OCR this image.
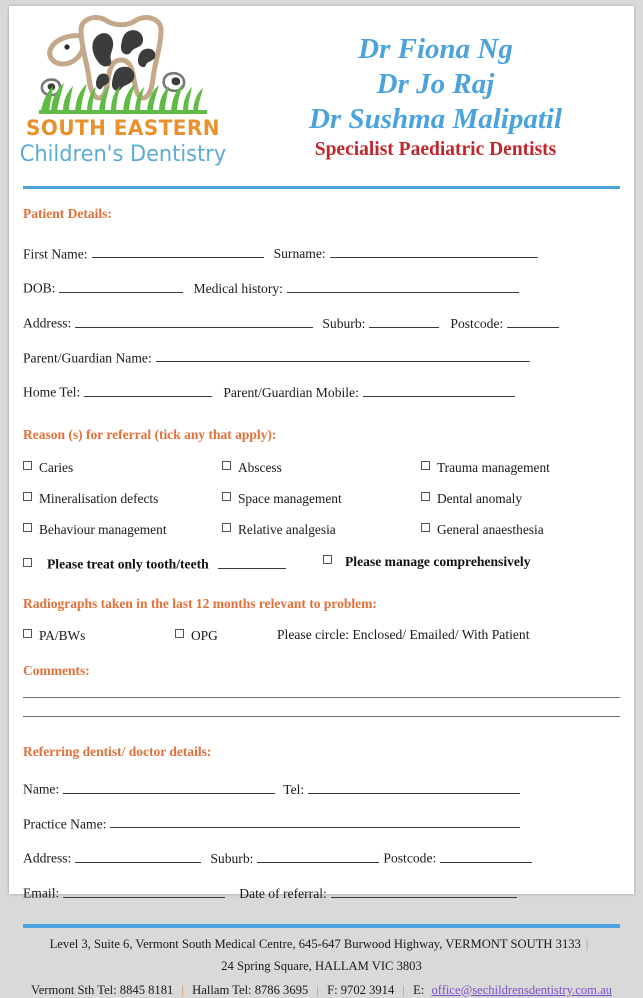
SOUTH EASTERN
Children's Dentistry
Dr Fiona Ng
Dr Jo Raj
Dr Sushma Malipatil
Specialist Paediatric Dentists
Patient Details:
First Name:	Surname:
DOB:	Medical history:
Address:	Suburb:	Postcode:
Parent/Guardian Name:
Home Tel:	Parent/Guardian Mobile:
Reason (s) for referral (tick any that apply):
Caries	Abscess	Trauma management
Mineralisation defects	Space management	Dental anomaly
Behaviour management	Relative analgesia	General anaesthesia
Please treat only tooth/teeth	Please manage comprehensively
Radiographs taken in the last 12 months relevant to problem:
PA/BWs	OPG	Please circle: Enclosed/ Emailed/ With Patient
Comments:
Referring dentist/ doctor details:
Name:	Tel:
Practice Name:
Address:	Suburb:	Postcode:
Email:	Date of referral:
Level 3, Suite 6, Vermont South Medical Centre, 645-647 Burwood Highway, VERMONT SOUTH 3133 |
24 Spring Square, HALLAM VIC 3803
Vermont Sth Tel: 8845 8181 | Hallam Tel: 8786 3695 | F: 9702 3914 | E: office@sechildrensdentistry.com.au
